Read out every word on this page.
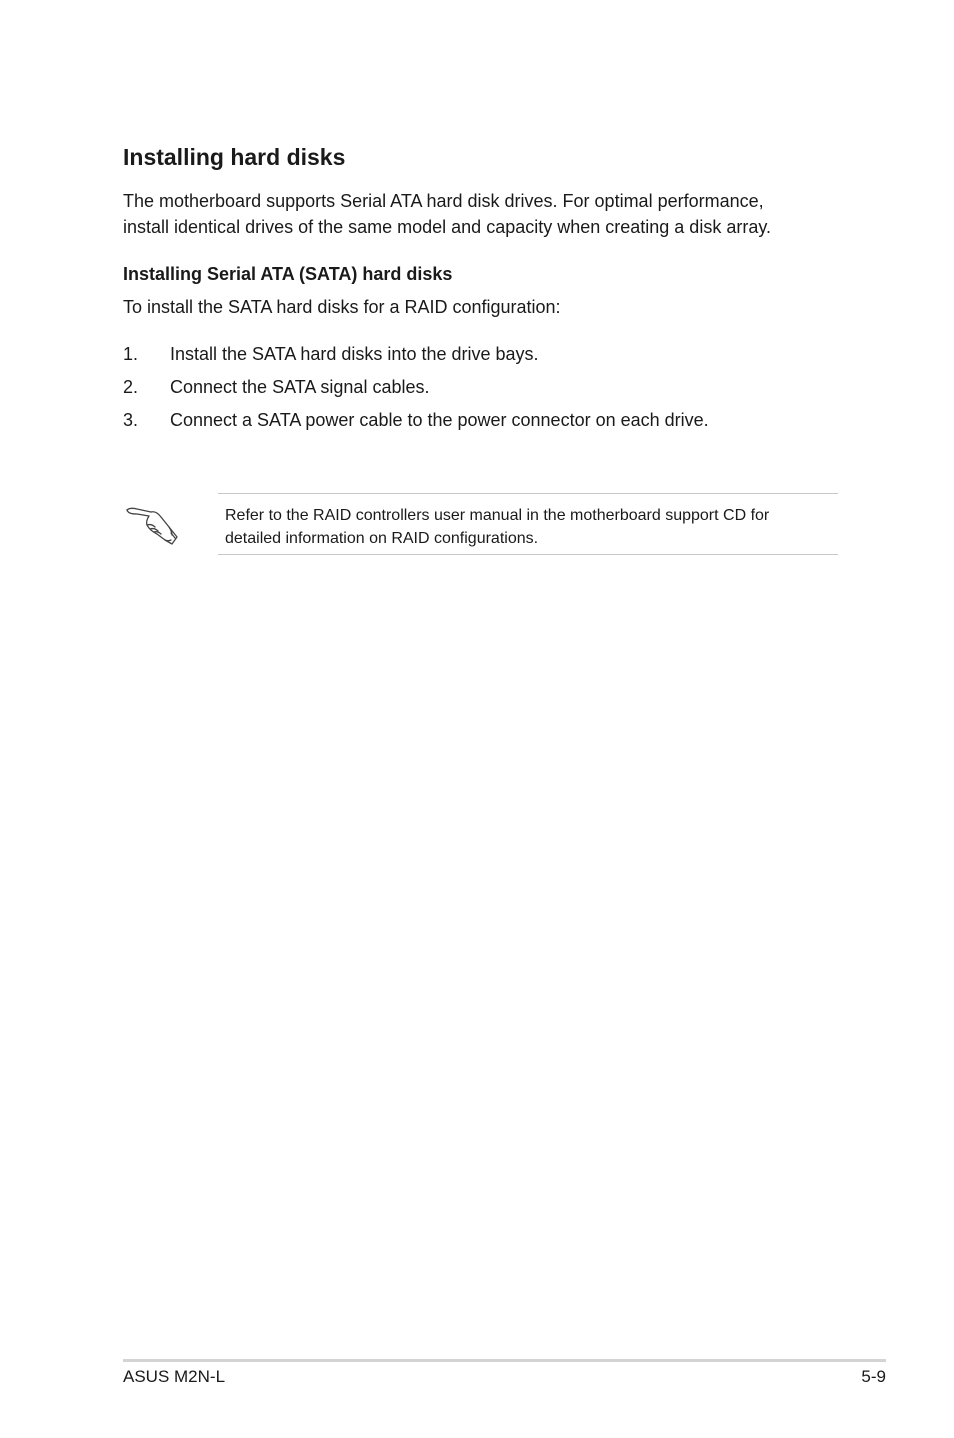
Installing hard disks

The motherboard supports Serial ATA hard disk drives. For optimal performance,
install identical drives of the same model and capacity when creating a disk array.

Installing Serial ATA (SATA) hard disks

To install the SATA hard disks for a RAID configuration:

1. Install the SATA hard disks into the drive bays.
2. Connect the SATA signal cables.
3. Connect a SATA power cable to the power connector on each drive.

Refer to the RAID controllers user manual in the motherboard support CD for
detailed information on RAID configurations.

ASUS M2N-L	5-9
